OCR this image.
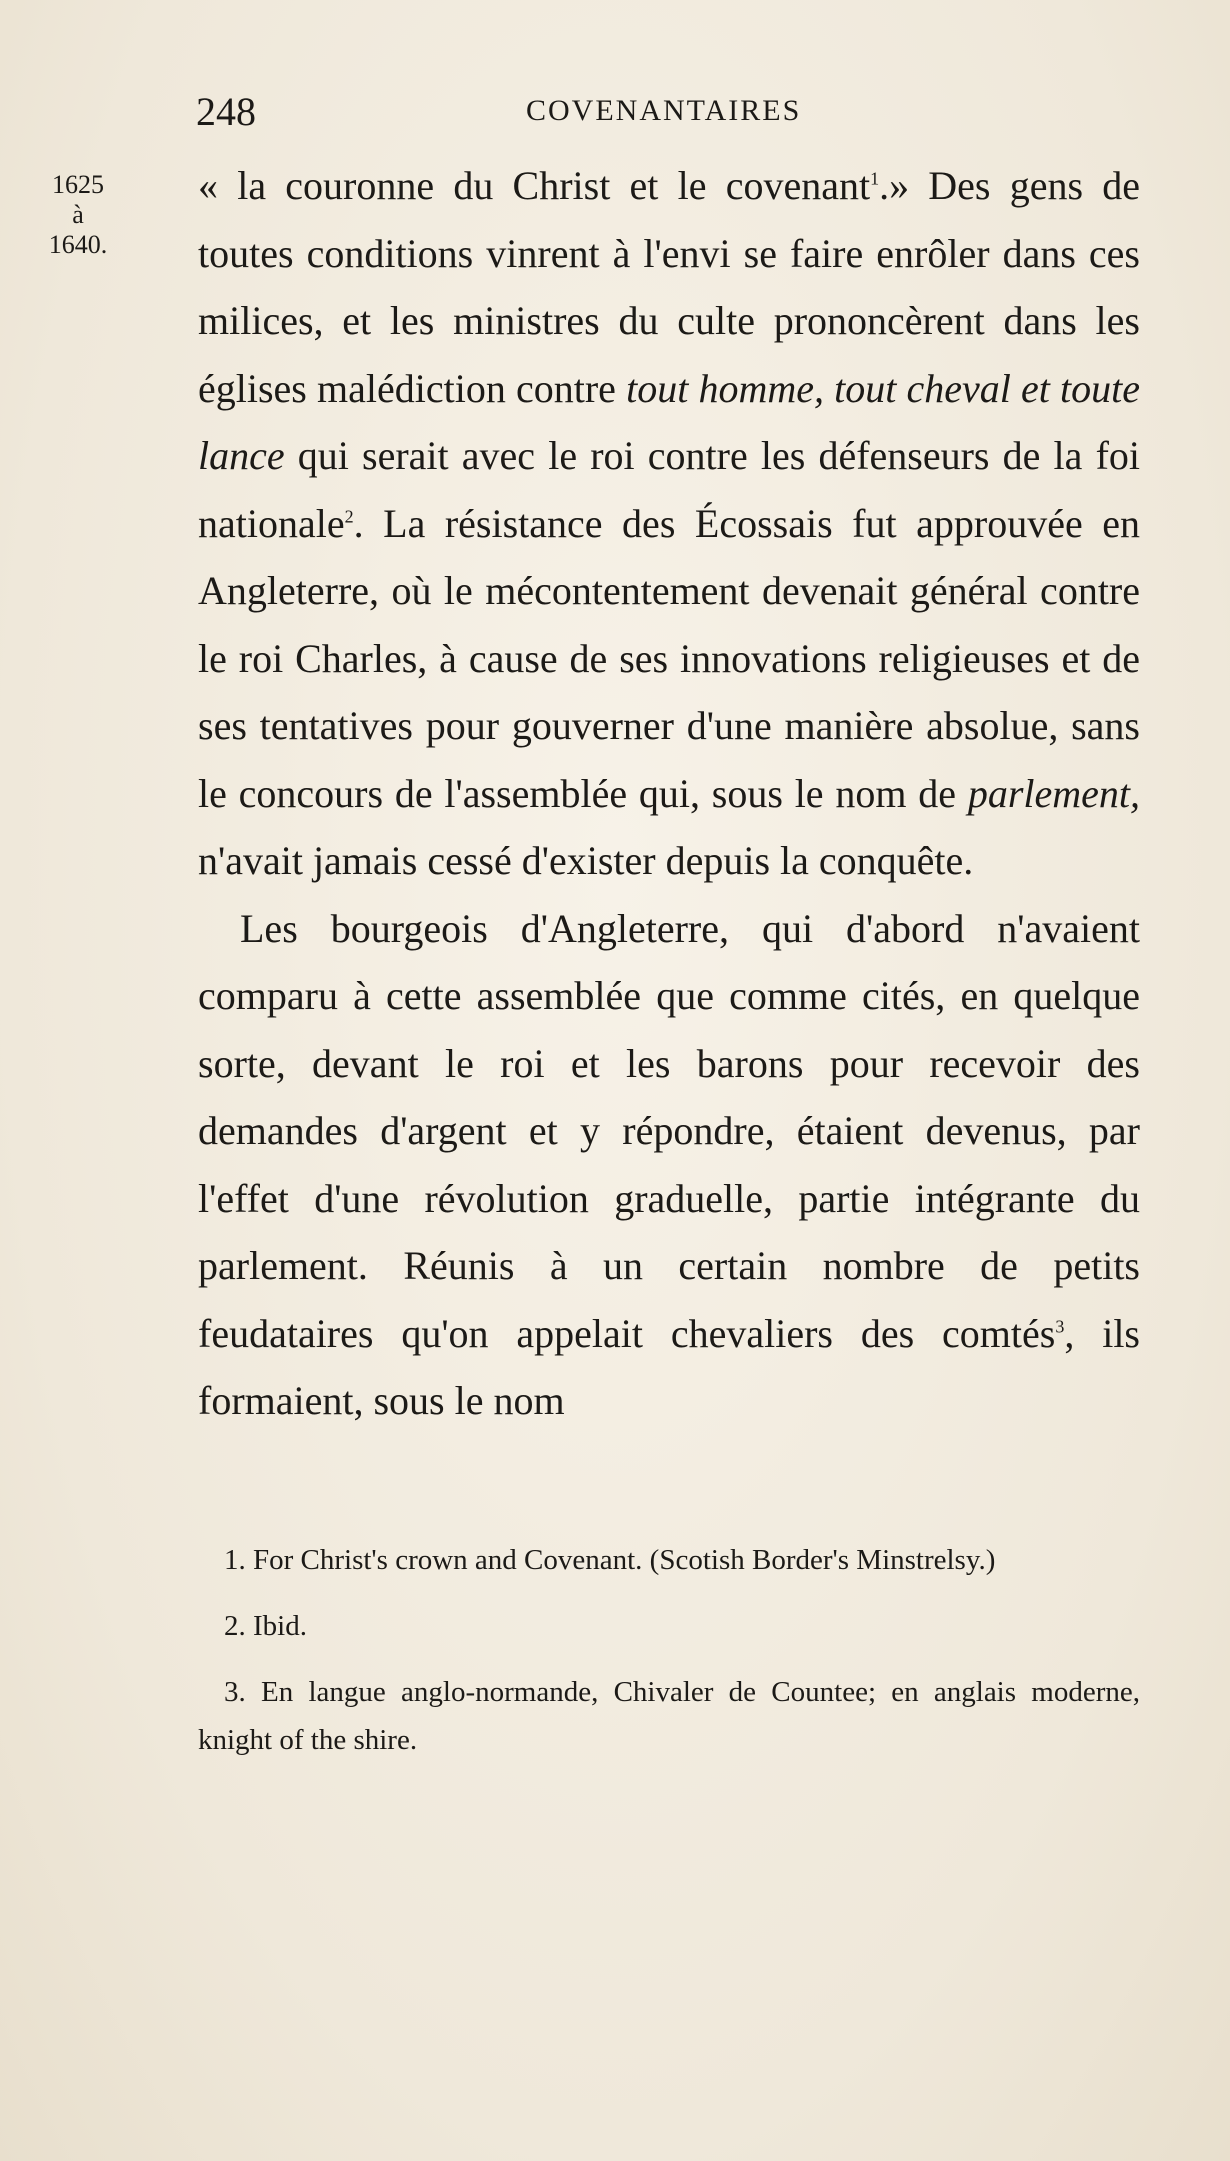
248	COVENANTAIRES
1625
à
1640.

« la couronne du Christ et le covenant$^1$.» Des gens de toutes conditions vinrent à l'envi se faire enrôler dans ces milices, et les ministres du culte prononcèrent dans les églises malédiction contre tout homme, tout cheval et toute lance qui serait avec le roi contre les défenseurs de la foi nationale$^2$. La résistance des Écossais fut approuvée en Angleterre, où le mécontentement devenait général contre le roi Charles, à cause de ses innovations religieuses et de ses tentatives pour gouverner d'une manière absolue, sans le concours de l'assemblée qui, sous le nom de parlement, n'avait jamais cessé d'exister depuis la conquête.

Les bourgeois d'Angleterre, qui d'abord n'avaient comparu à cette assemblée que comme cités, en quelque sorte, devant le roi et les barons pour recevoir des demandes d'argent et y répondre, étaient devenus, par l'effet d'une révolution graduelle, partie intégrante du parlement. Réunis à un certain nombre de petits feudataires qu'on appelait chevaliers des comtés$^3$, ils formaient, sous le nom

1. For Christ's crown and Covenant. (Scotish Border's Minstrelsy.)

2. Ibid.

3. En langue anglo-normande, Chivaler de Countee; en anglais moderne, knight of the shire.
